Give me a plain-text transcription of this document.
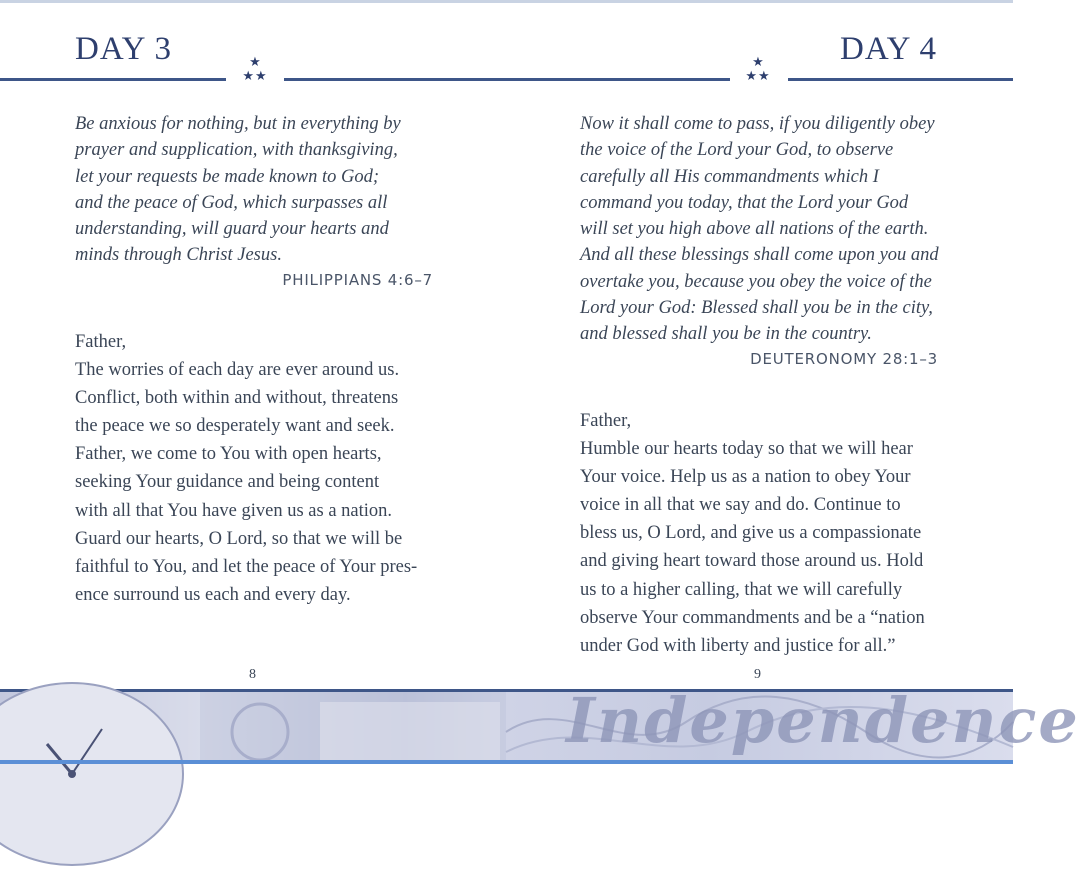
DAY 3	★
★★

Be anxious for nothing, but in everything by
prayer and supplication, with thanksgiving,
let your requests be made known to God;
and the peace of God, which surpasses all
understanding, will guard your hearts and
minds through Christ Jesus.

PHILIPPIANS 4:6–7

Father,
The worries of each day are ever around us.
Conflict, both within and without, threatens
the peace we so desperately want and seek.
Father, we come to You with open hearts,
seeking Your guidance and being content
with all that You have given us as a nation.
Guard our hearts, O Lord, so that we will be
faithful to You, and let the peace of Your pres-
ence surround us each and every day.

8
★
★★
DAY 4

Now it shall come to pass, if you diligently obey
the voice of the Lord your God, to observe
carefully all His commandments which I
command you today, that the Lord your God
will set you high above all nations of the earth.
And all these blessings shall come upon you and
overtake you, because you obey the voice of the
Lord your God: Blessed shall you be in the city,
and blessed shall you be in the country.

DEUTERONOMY 28:1–3

Father,
Humble our hearts today so that we will hear
Your voice. Help us as a nation to obey Your
voice in all that we say and do. Continue to
bless us, O Lord, and give us a compassionate
and giving heart toward those around us. Hold
us to a higher calling, that we will carefully
observe Your commandments and be a “nation
under God with liberty and justice for all.”

9
Independence
